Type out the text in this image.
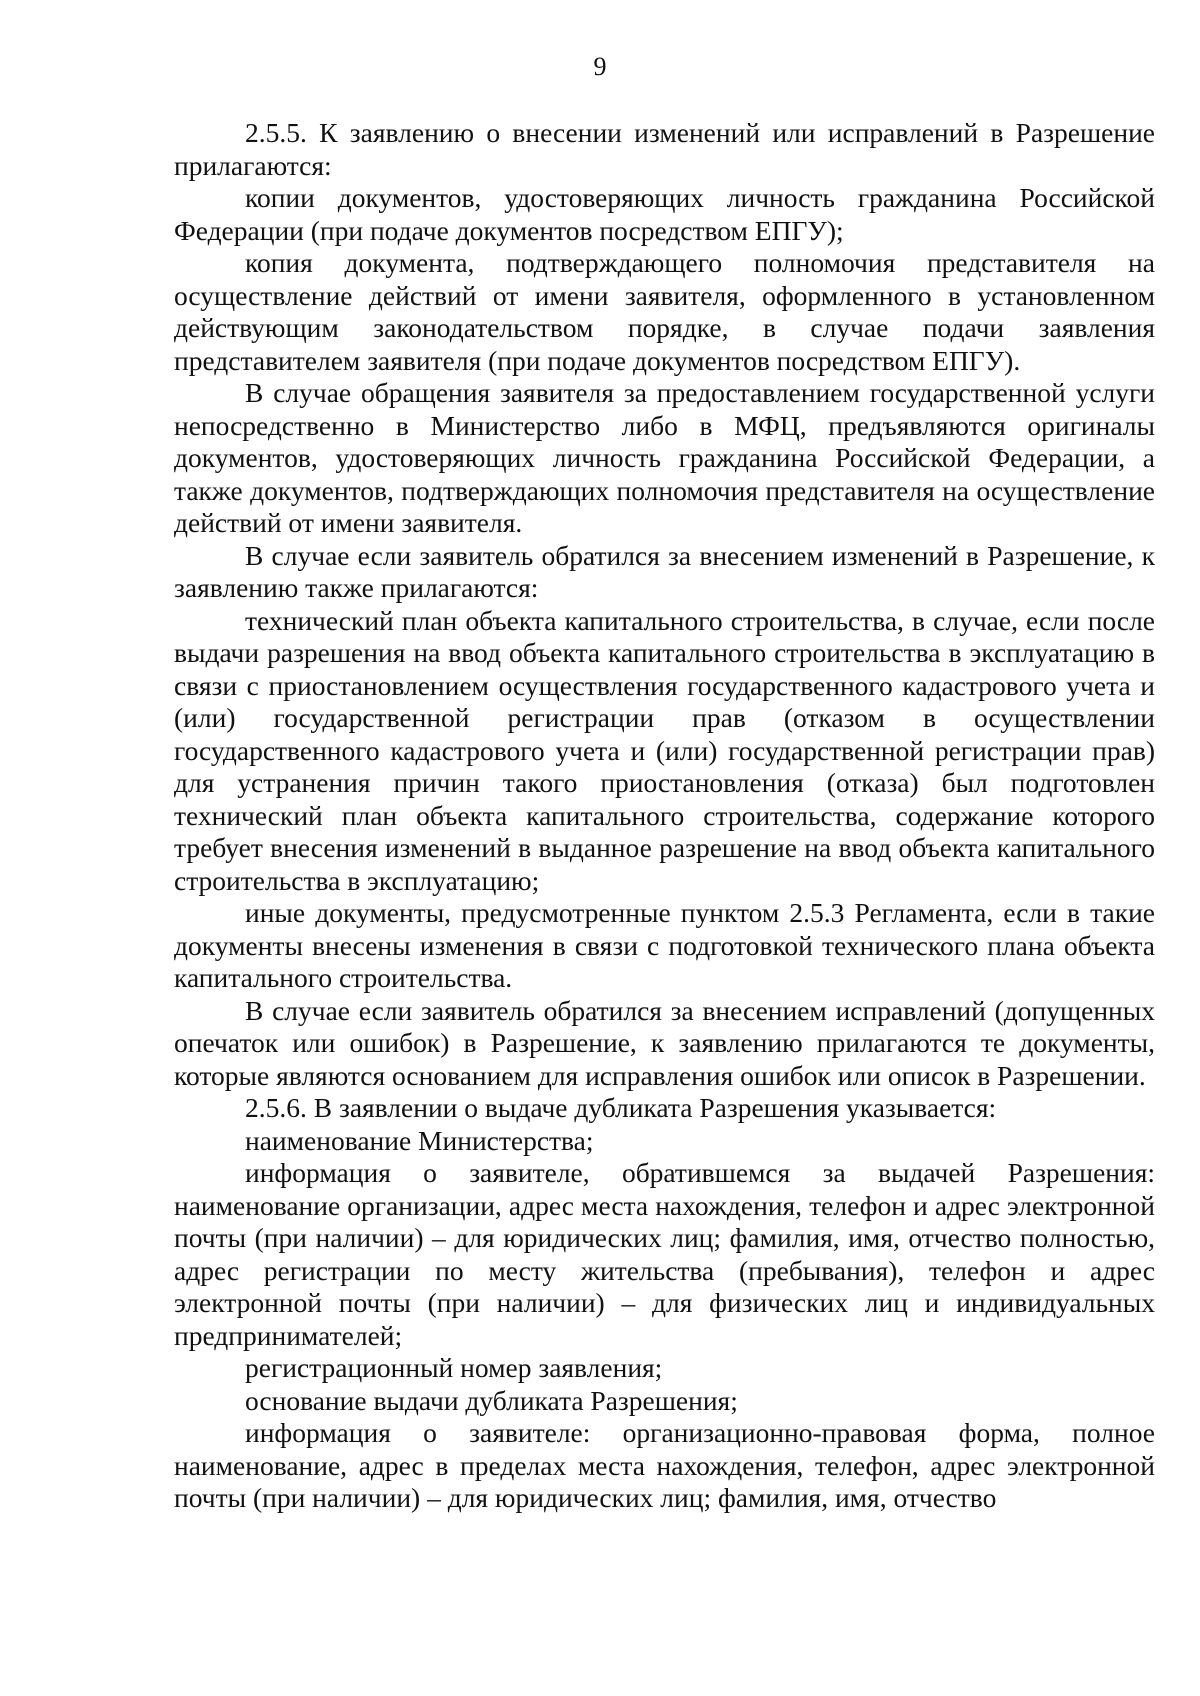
9

2.5.5. К заявлению о внесении изменений или исправлений в Разрешение прилагаются:

копии документов, удостоверяющих личность гражданина Российской Федерации (при подаче документов посредством ЕПГУ);

копия документа, подтверждающего полномочия представителя на осуществление действий от имени заявителя, оформленного в установленном действующим законодательством порядке, в случае подачи заявления представителем заявителя (при подаче документов посредством ЕПГУ).

В случае обращения заявителя за предоставлением государственной услуги непосредственно в Министерство либо в МФЦ, предъявляются оригиналы документов, удостоверяющих личность гражданина Российской Федерации, а также документов, подтверждающих полномочия представителя на осуществление действий от имени заявителя.

В случае если заявитель обратился за внесением изменений в Разрешение, к заявлению также прилагаются:

технический план объекта капитального строительства, в случае, если после выдачи разрешения на ввод объекта капитального строительства в эксплуатацию в связи с приостановлением осуществления государственного кадастрового учета и (или) государственной регистрации прав (отказом в осуществлении государственного кадастрового учета и (или) государственной регистрации прав) для устранения причин такого приостановления (отказа) был подготовлен технический план объекта капитального строительства, содержание которого требует внесения изменений в выданное разрешение на ввод объекта капитального строительства в эксплуатацию;

иные документы, предусмотренные пунктом 2.5.3 Регламента, если в такие документы внесены изменения в связи с подготовкой технического плана объекта капитального строительства.

В случае если заявитель обратился за внесением исправлений (допущенных опечаток или ошибок) в Разрешение, к заявлению прилагаются те документы, которые являются основанием для исправления ошибок или описок в Разрешении.

2.5.6. В заявлении о выдаче дубликата Разрешения указывается:

наименование Министерства;

информация о заявителе, обратившемся за выдачей Разрешения: наименование организации, адрес места нахождения, телефон и адрес электронной почты (при наличии) – для юридических лиц; фамилия, имя, отчество полностью, адрес регистрации по месту жительства (пребывания), телефон и адрес электронной почты (при наличии) – для физических лиц и индивидуальных предпринимателей;

регистрационный номер заявления;

основание выдачи дубликата Разрешения;

информация о заявителе: организационно-правовая форма, полное наименование, адрес в пределах места нахождения, телефон, адрес электронной почты (при наличии) – для юридических лиц; фамилия, имя, отчество
